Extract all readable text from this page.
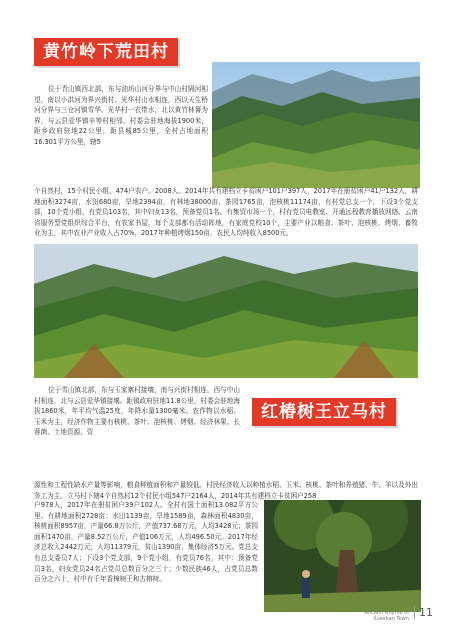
黄竹岭下荒田村

位于青山镇西北部，东与油坊山河分界与中山村隔河相望，南以小洪河为界兴街村、光华村山水相连，西以天生桥河分界与三仓河镇雪华、光华村一衣带水，北以黄竹林箐为界，与云县爱华镇辛等村相邻，村委会驻地海拔1900米，距乡政府驻地22公里，距县城85公里，全村占地面积16.301平方公里，辖5

个自然村，15个村民小组，474户农户。2008人。2014年共有建档立卡贫困户101户397人，2017年在册贫困户41户132人，耕地面积3274亩，水田680亩，旱地2394亩，有林地38000亩，茶园1765亩，泡核桃11174亩，有村党总支一个，下设3个党支部，10个党小组，有党员103名，其中妇女13名，预备党员1名。有集贸市场一个，村有党员电教室、开通远程教育播放网络、云南省服务型党组织综合平台，有农家书屋，每个支部都有活动阵地，有家庭党校10个，主要产业以粮食、茶叶、泡核桃、烤烟、畜牧业为主，其中农业产业收入占70%，2017年种植烤烟150亩，农民人均纯收入8500元。

位于雪山镇北部，东与玉家寨村接壤，南与兴街村相连，西与中山村相连，北与云县爱华镇接壤。距镇政府驻地11.8公里，村委会驻地海拔1860米，年平均气温25度，年降水量1300毫米。农作物以水稻、玉米为主，经济作物主要有核桃、茶叶、泡核桃、烤烟、经济林果、长蓉菌、土地资源、资

红椿树王立马村

源性和工程性缺水产量等影响，粮食种植面积和产量较低。村民经济收入以种植水稻、玉米、核桃、茶叶和养殖猪、牛、羊以及外出务工为主。立马村下辖4个自然村12个村民小组547户2164人，2014年共有建档立卡贫困户258

户978人，2017年在册贫困户39户102人。全村有国土面积13.082平方公里。有耕地面积2728亩：水田1139亩，旱地1589亩，森林面积4830亩，核桃面积8957亩，产量66.8万公斤，产值737.68万元，人均3428元；茶园面积1470亩，产量8.52万公斤，产值106万元，人均496.50元。2017年经济总收入2442万元，人均11379元，贫山1390亩，集体经济5万元。党总支有总支委员7人；下设3个党支部，9个党小组，有党员76名，其中：预备党员3名，妇女党员24名占党员总数百分之三十；少数民族46人，占党员总数百分之六十，村中有千年香樟树王和古榕树。

Ancient Rhyme of
Xueshan Town 11
